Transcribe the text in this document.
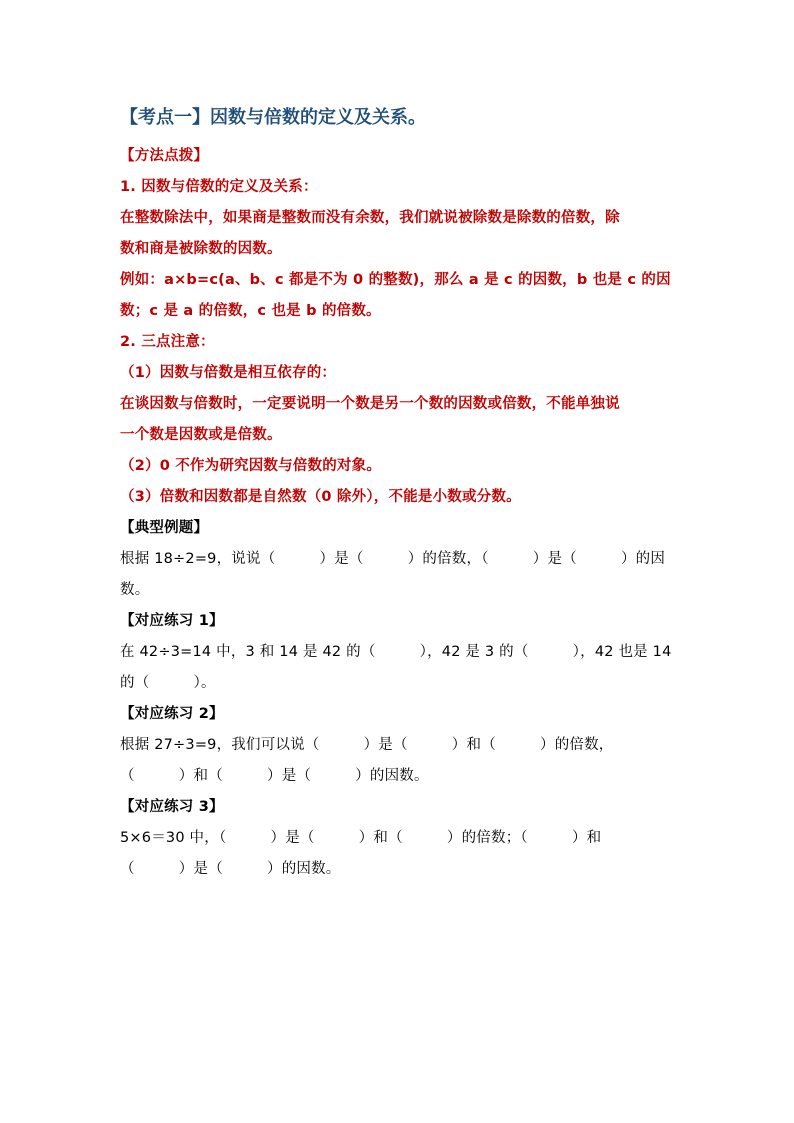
【考点一】因数与倍数的定义及关系。
【方法点拨】
1. 因数与倍数的定义及关系：
在整数除法中，如果商是整数而没有余数，我们就说被除数是除数的倍数，除
数和商是被除数的因数。
例如：a×b=c(a、b、c 都是不为 0 的整数)，那么 a 是 c 的因数，b 也是 c 的因
数；c 是 a 的倍数，c 也是 b 的倍数。
2. 三点注意：
（1）因数与倍数是相互依存的：
在谈因数与倍数时，一定要说明一个数是另一个数的因数或倍数，不能单独说
一个数是因数或是倍数。
（2）0 不作为研究因数与倍数的对象。
（3）倍数和因数都是自然数（0 除外），不能是小数或分数。
【典型例题】
根据 18÷2=9，说说（　　　）是（　　　）的倍数，（　　　）是（　　　）的因
数。
【对应练习 1】
在 42÷3=14 中，3 和 14 是 42 的（　　　），42 是 3 的（　　　），42 也是 14
的（　　　）。
【对应练习 2】
根据 27÷3=9，我们可以说（　　　）是（　　　）和（　　　）的倍数，
（　　　）和（　　　）是（　　　）的因数。
【对应练习 3】
5×6＝30 中，（　　　）是（　　　）和（　　　）的倍数；（　　　）和
（　　　）是（　　　）的因数。
